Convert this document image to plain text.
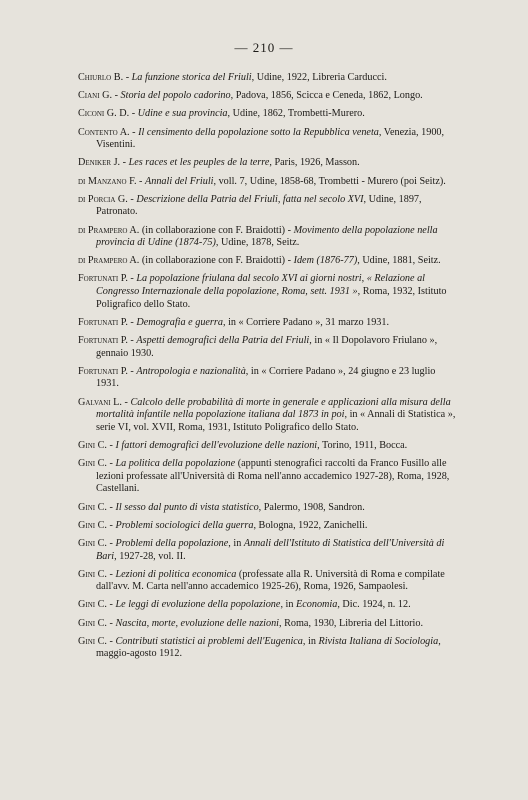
— 210 —
Chiurlo B. - La funzione storica del Friuli, Udine, 1922, Libreria Carducci.
Ciani G. - Storia del popolo cadorino, Padova, 1856, Scicca e Ceneda, 1862, Longo.
Ciconi G. D. - Udine e sua provincia, Udine, 1862, Trombetti-Murero.
Contento A. - Il censimento della popolazione sotto la Repubblica veneta, Venezia, 1900, Visentini.
Deniker J. - Les races et les peuples de la terre, Paris, 1926, Masson.
di Manzano F. - Annali del Friuli, voll. 7, Udine, 1858-68, Trombetti - Murero (poi Seitz).
di Porcia G. - Descrizione della Patria del Friuli, fatta nel secolo XVI, Udine, 1897, Patronato.
di Prampero A. (in collaborazione con F. Braidotti) - Movimento della popolazione nella provincia di Udine (1874-75), Udine, 1878, Seitz.
di Prampero A. (in collaborazione con F. Braidotti) - Idem (1876-77), Udine, 1881, Seitz.
Fortunati P. - La popolazione friulana dal secolo XVI ai giorni nostri, « Relazione al Congresso Internazionale della popolazione, Roma, sett. 1931 », Roma, 1932, Istituto Poligrafico dello Stato.
Fortunati P. - Demografia e guerra, in « Corriere Padano », 31 marzo 1931.
Fortunati P. - Aspetti demografici della Patria del Friuli, in « Il Dopolavoro Friulano », gennaio 1930.
Fortunati P. - Antropologia e nazionalità, in « Corriere Padano », 24 giugno e 23 luglio 1931.
Galvani L. - Calcolo delle probabilità di morte in generale e applicazioni alla misura della mortalità infantile nella popolazione italiana dal 1873 in poi, in « Annali di Statistica », serie VI, vol. XVII, Roma, 1931, Istituto Poligrafico dello Stato.
Gini C. - I fattori demografici dell'evoluzione delle nazioni, Torino, 1911, Bocca.
Gini C. - La politica della popolazione (appunti stenografici raccolti da Franco Fusillo alle lezioni professate all'Università di Roma nell'anno accademico 1927-28), Roma, 1928, Castellani.
Gini C. - Il sesso dal punto di vista statistico, Palermo, 1908, Sandron.
Gini C. - Problemi sociologici della guerra, Bologna, 1922, Zanichelli.
Gini C. - Problemi della popolazione, in Annali dell'Istituto di Statistica dell'Università di Bari, 1927-28, vol. II.
Gini C. - Lezioni di politica economica (professate alla R. Università di Roma e compilate dall'avv. M. Carta nell'anno accademico 1925-26), Roma, 1926, Sampaolesi.
Gini C. - Le leggi di evoluzione della popolazione, in Economia, Dic. 1924, n. 12.
Gini C. - Nascita, morte, evoluzione delle nazioni, Roma, 1930, Libreria del Littorio.
Gini C. - Contributi statistici ai problemi dell'Eugenica, in Rivista Italiana di Sociologia, maggio-agosto 1912.
